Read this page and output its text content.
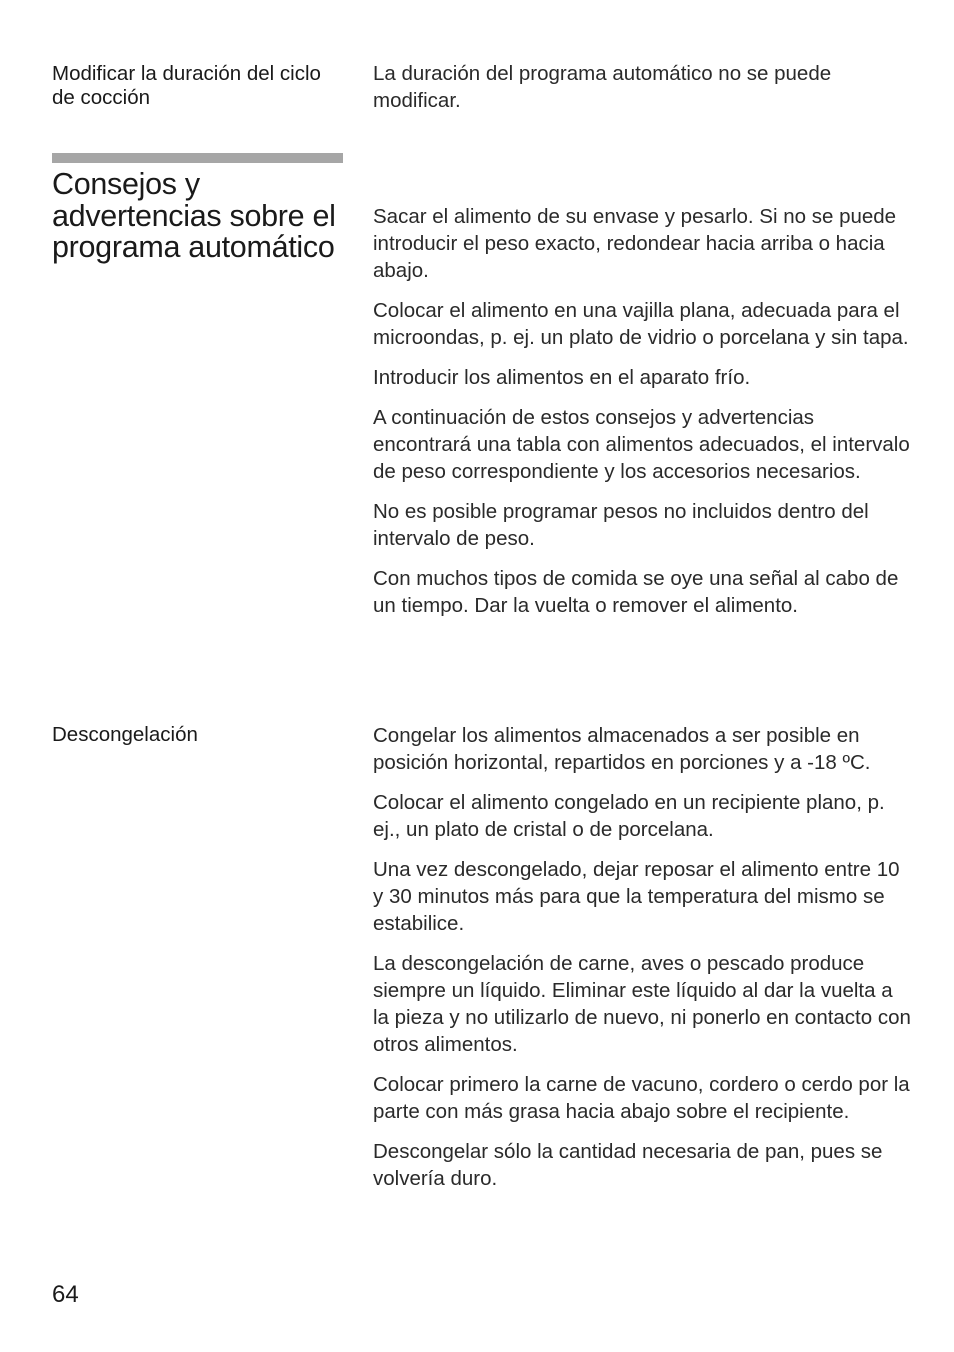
Modificar la duración del ciclo de cocción

La duración del programa automático no se puede modificar.

Consejos y advertencias sobre el programa automático

Sacar el alimento de su envase y pesarlo. Si no se puede introducir el peso exacto, redondear hacia arriba o hacia abajo.

Colocar el alimento en una vajilla plana, adecuada para el microondas, p. ej. un plato de vidrio o porcelana y sin tapa.

Introducir los alimentos en el aparato frío.

A continuación de estos consejos y advertencias encontrará una tabla con alimentos adecuados, el intervalo de peso correspondiente y los accesorios necesarios.

No es posible programar pesos no incluidos dentro del intervalo de peso.

Con muchos tipos de comida se oye una señal al cabo de un tiempo. Dar la vuelta o remover el alimento.

Descongelación	Congelar los alimentos almacenados a ser posible en posición horizontal, repartidos en porciones y a -18 ºC.

Colocar el alimento congelado en un recipiente plano, p. ej., un plato de cristal o de porcelana.

Una vez descongelado, dejar reposar el alimento entre 10 y 30 minutos más para que la temperatura del mismo se estabilice.

La descongelación de carne, aves o pescado produce siempre un líquido. Eliminar este líquido al dar la vuelta a la pieza y no utilizarlo de nuevo, ni ponerlo en contacto con otros alimentos.

Colocar primero la carne de vacuno, cordero o cerdo por la parte con más grasa hacia abajo sobre el recipiente.

Descongelar sólo la cantidad necesaria de pan, pues se volvería duro.

64
